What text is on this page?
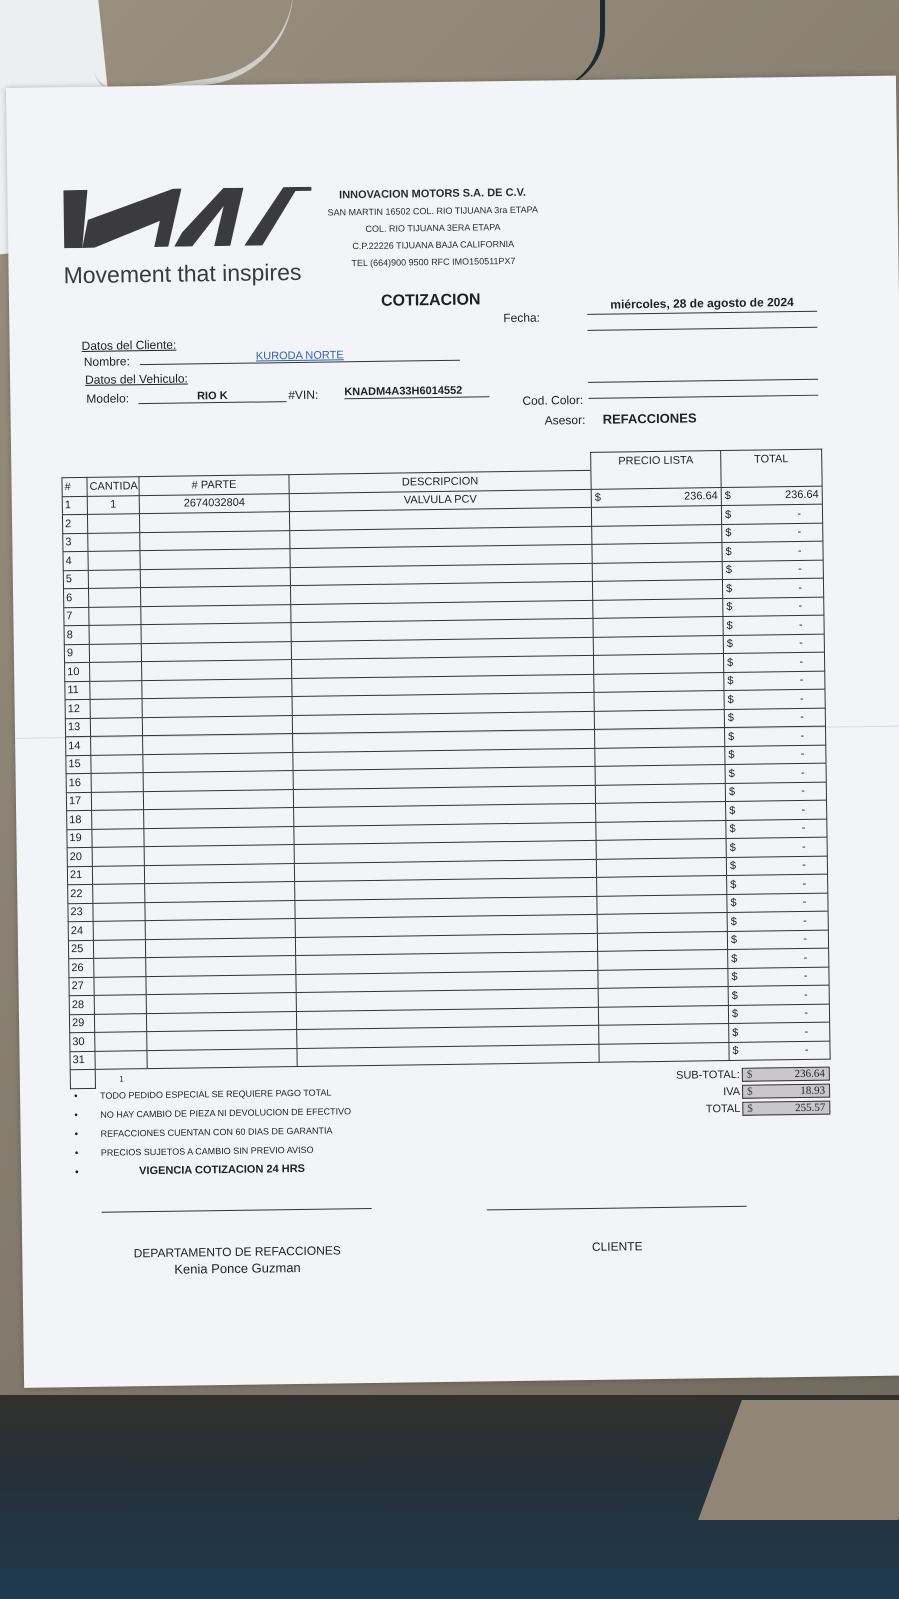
Movement that inspires
INNOVACION MOTORS S.A. DE C.V.
SAN MARTIN 16502 COL. RIO TIJUANA 3ra ETAPA
COL. RIO TIJUANA 3ERA ETAPA
C.P.22226 TIJUANA BAJA CALIFORNIA
TEL (664)900 9500 RFC IMO150511PX7
COTIZACION
Fecha:
miércoles, 28 de agosto de 2024
Datos del Cliente:
Nombre:	KURODA NORTE
Datos del Vehiculo:
Modelo:	RIO K	#VIN: KNADM4A33H6014552
Cod. Color:
Asesor: REFACCIONES
				PRECIO LISTA	TOTAL
#	CANTIDA	# PARTE	DESCRIPCION		
1	1	2674032804	VALVULA PCV	$ 236.64	$ 236.64

2					$ -

3					$ -

4					$ -

5					$ -

6					$ -

7					$ -

8					$ -

9					$ -

10					$ -

11					$ -

12					$ -

13					$ -

14					$ -

15					$ -

16					$ -

17					$ -

18					$ -

19					$ -

20					$ -

21					$ -

22					$ -

23					$ -

24					$ -

25					$ -

26					$ -

27					$ -

28					$ -

29					$ -

30					$ -

31					$ -

	1					SUB-TOTAL: $	236.64
IVA $	18.93
TOTAL $	255.57
• TODO PEDIDO ESPECIAL SE REQUIERE PAGO TOTAL
• NO HAY CAMBIO DE PIEZA NI DEVOLUCION DE EFECTIVO
• REFACCIONES CUENTAN CON 60 DIAS DE GARANTIA
• PRECIOS SUJETOS A CAMBIO SIN PREVIO AVISO
• VIGENCIA COTIZACION 24 HRS
DEPARTAMENTO DE REFACCIONES
Kenia Ponce Guzman
CLIENTE
